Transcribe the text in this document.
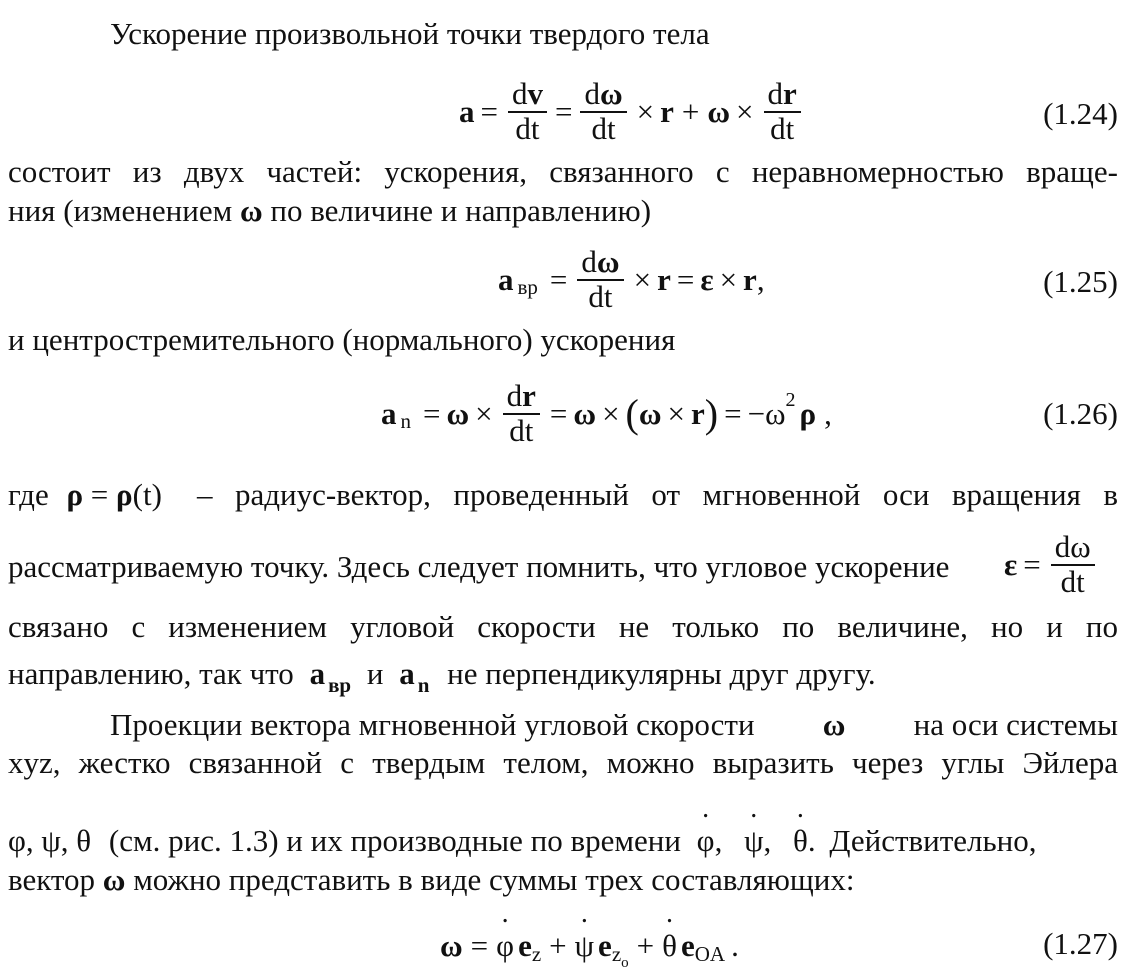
Ускорение произвольной точки твердого тела
$a = \frac{dv}{dt} = \frac{d\omega}{dt} \times r + \omega \times \frac{dr}{dt}$	(1.24)
состоит из двух частей: ускорения, связанного с неравномерностью враще-
ния (изменением ω по величине и направлению)
a вр = $\frac{d\omega}{dt} \times r = \varepsilon \times r$ ,	(1.25)
и центростремительного (нормального) ускорения
a $n = \omega \times \frac{dr}{dt} = \omega$ × ( ω × r ) = − ω 2 ρ ,	(1.26)
где ρ = ρ(t)	– радиус-вектор, проведенный от мгновенной оси вращения в
рассматриваемую точку. Здесь следует помнить, что угловое ускорение $\varepsilon = \frac{d\omega}{dt}$
связано с изменением угловой скорости не только по величине, но и по
направлению, так что a $_{вр}$ и a $_n$ не перпендикулярны друг другу.
Проекции вектора мгновенной угловой скорости ω на оси системы
xyz, жестко связанной с твердым телом, можно выразить через углы Эйлера
φ, ψ, θ (см. рис. 1.3) и их производные по времени . φ, . ψ, . θ. Действительно,
вектор ω можно представить в виде суммы трех составляющих:
ω = . φ e z + . ψ e $z_o$ + . θ e OA .	(1.27)
